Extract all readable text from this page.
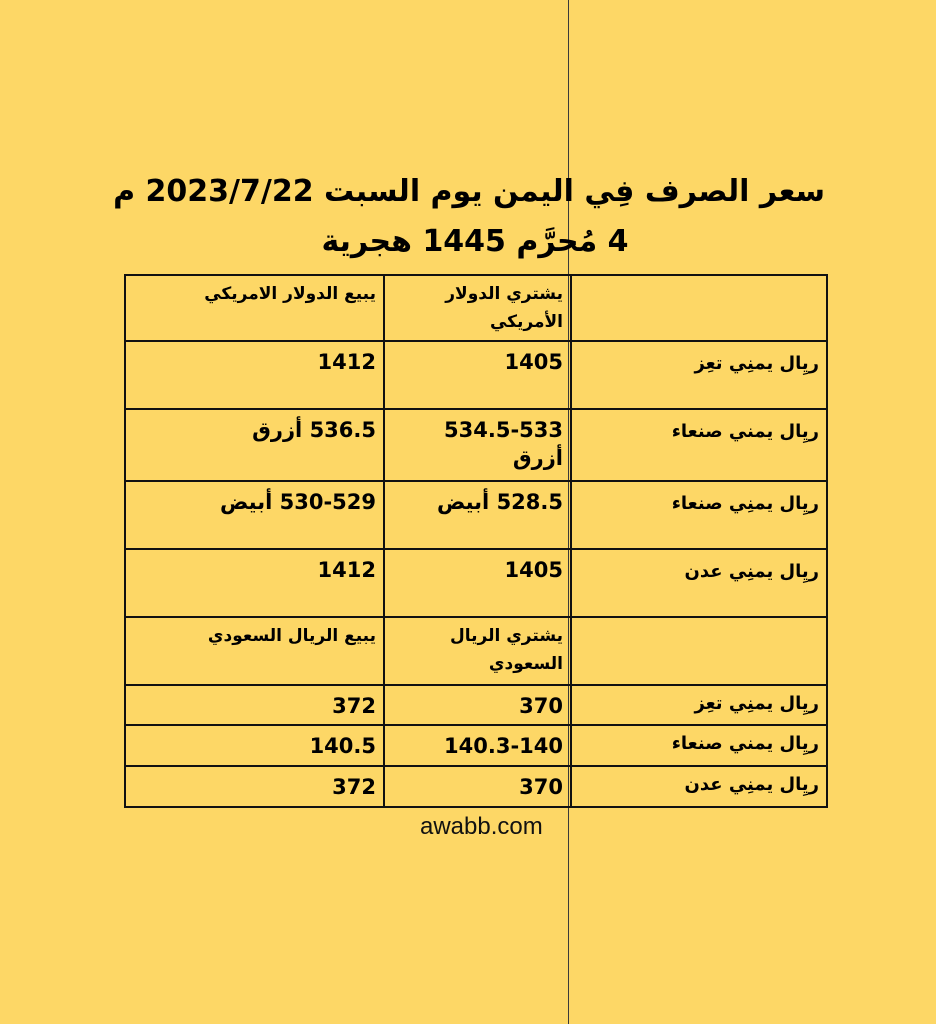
سعر الصرف فِي اليمن يوم السبت 2023/7/22 م
4 مُحرَّم 1445 هجرية
	يشتري الدولار الأمريكي	يبيع الدولار الامريكي
ريِال يمنِي تعِز	1405	1412
ريِال يمني صنعاء	534.5-533 أزرق	536.5 أزرق
ريِال يمنِي صنعاء	528.5 أبيض	530-529 أبيض
ريِال يمنِي عدن	1405	1412
	يشتري الريال السعودي	يبيع الريال السعودي
ريِال يمنِي تعِز	370	372
ريِال يمني صنعاء	140.3-140	140.5
ريِال يمنِي عدن	370	372
awabb.com
